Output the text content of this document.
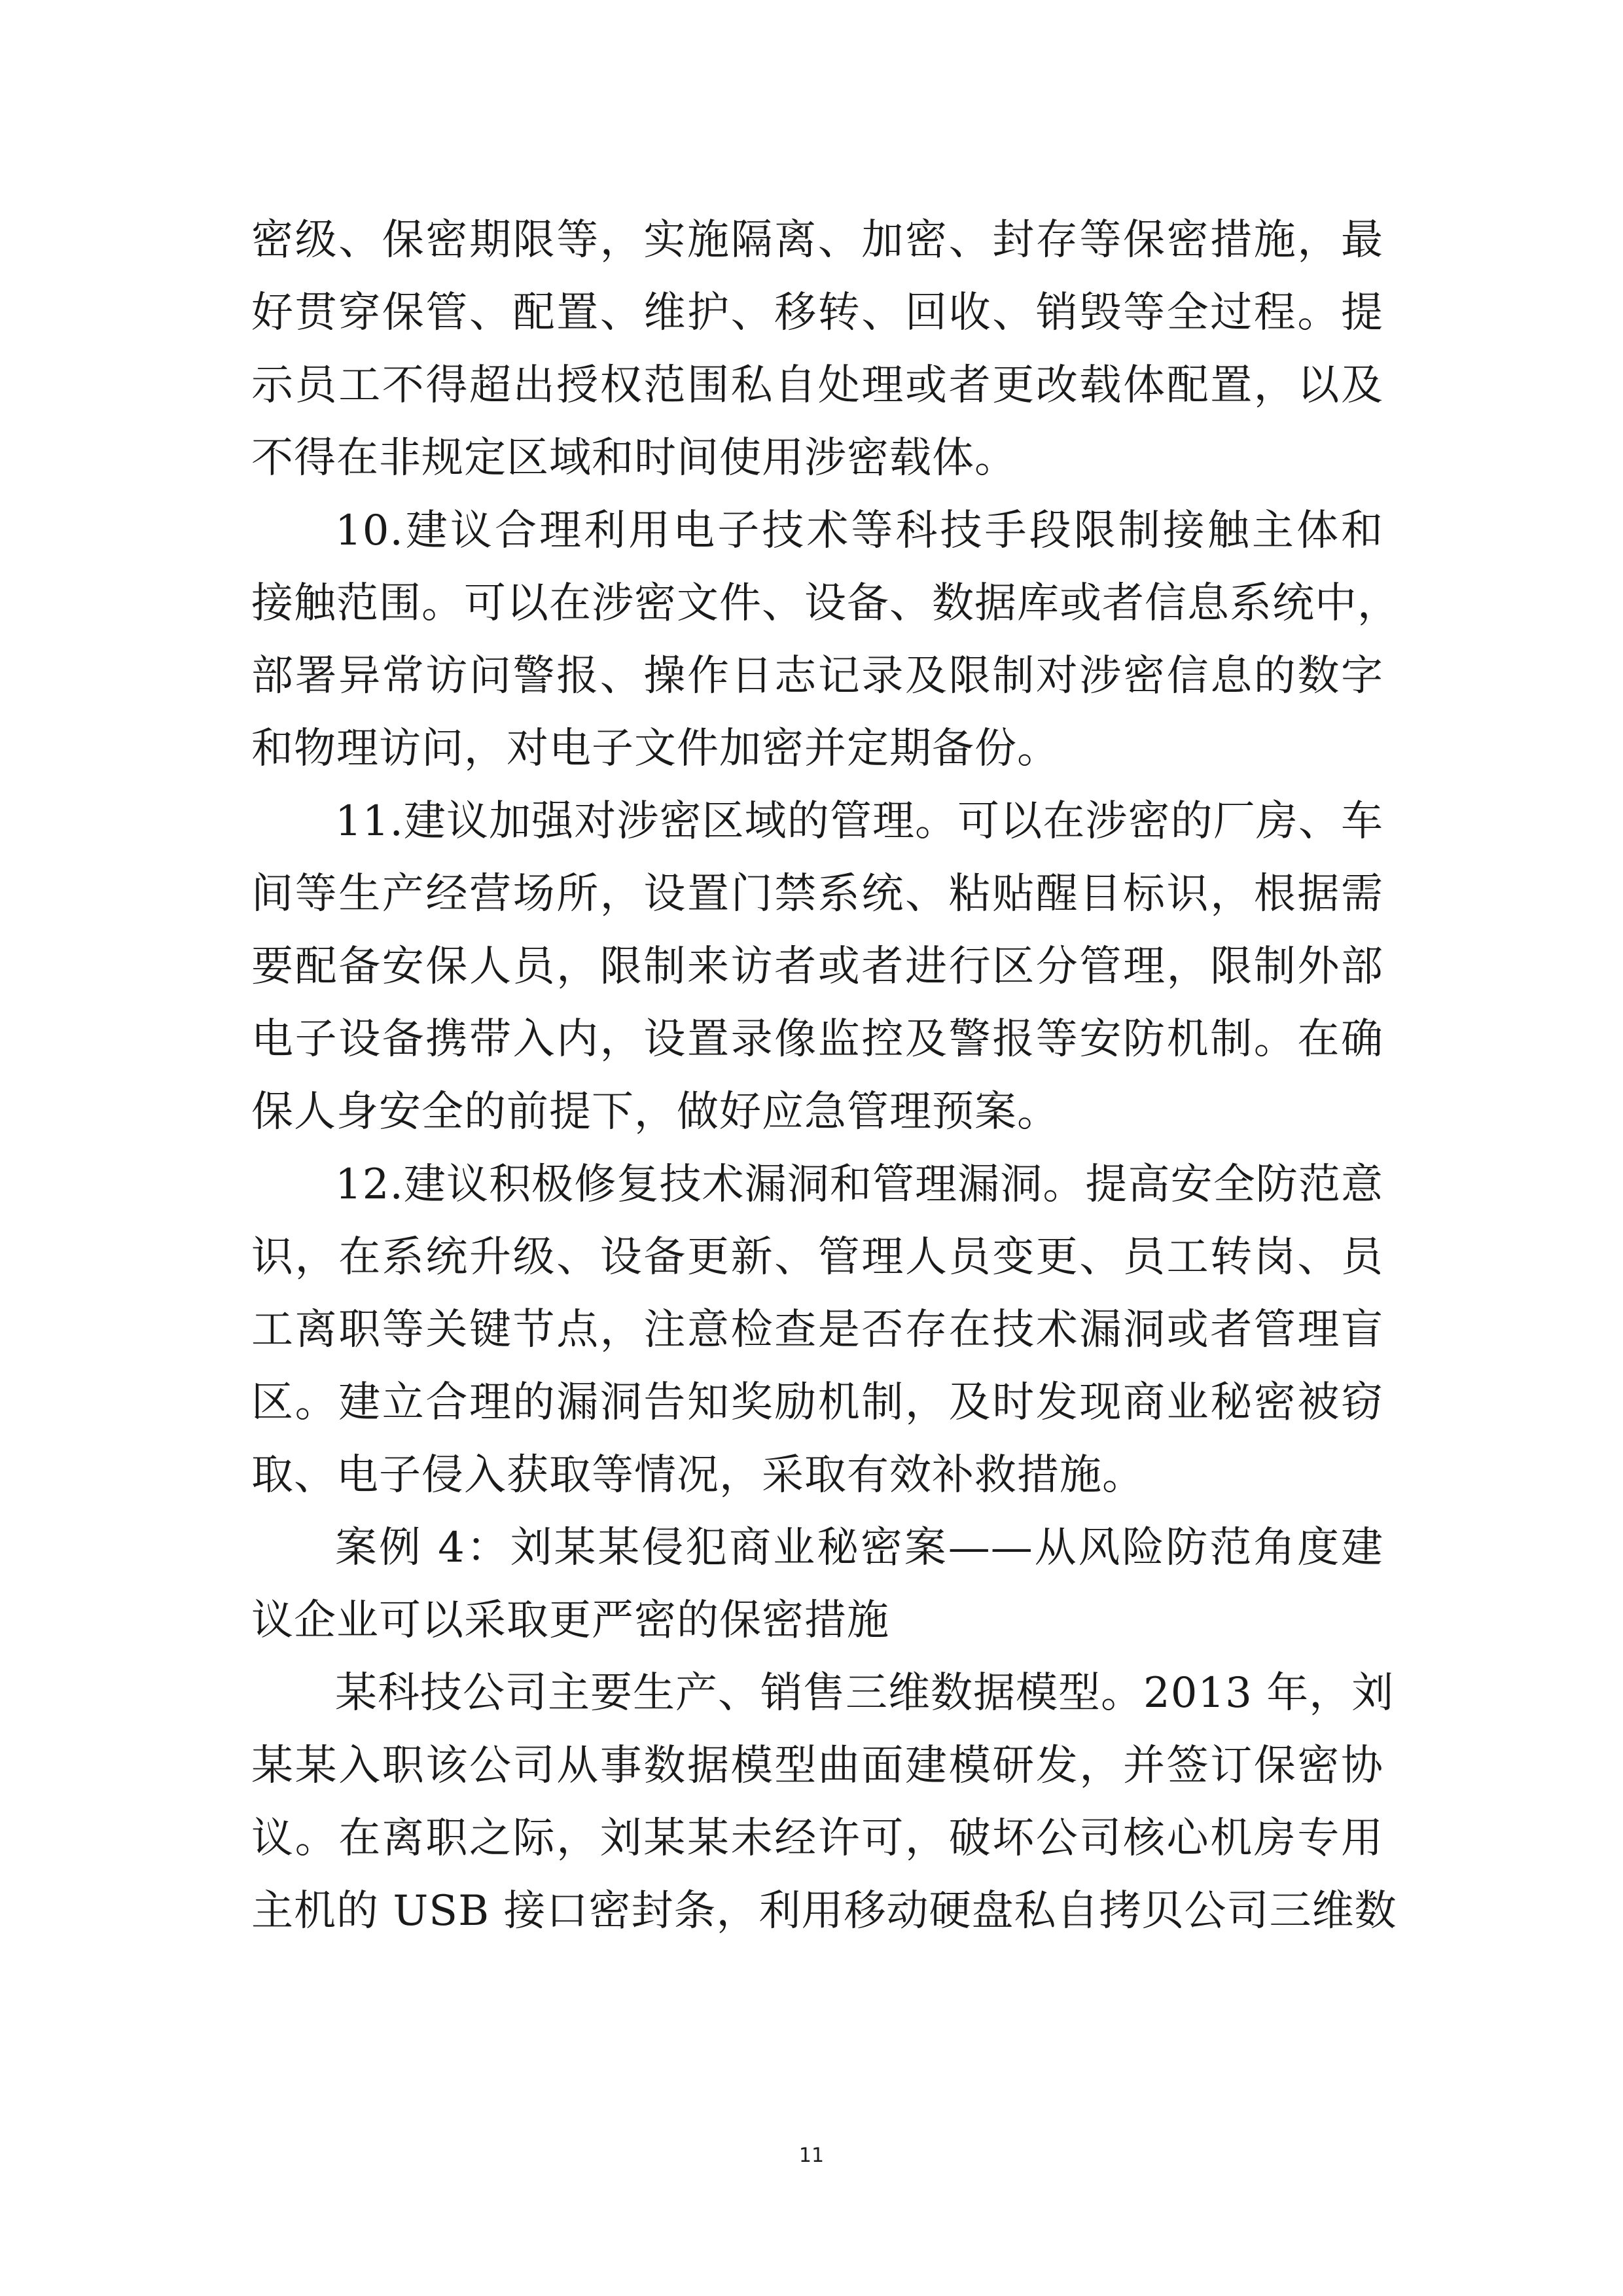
密级、保密期限等，实施隔离、加密、封存等保密措施，最
好贯穿保管、配置、维护、移转、回收、销毁等全过程。提
示员工不得超出授权范围私自处理或者更改载体配置，以及
不得在非规定区域和时间使用涉密载体。
10.建议合理利用电子技术等科技手段限制接触主体和
接触范围。可以在涉密文件、设备、数据库或者信息系统中，
部署异常访问警报、操作日志记录及限制对涉密信息的数字
和物理访问，对电子文件加密并定期备份。
11.建议加强对涉密区域的管理。可以在涉密的厂房、车
间等生产经营场所，设置门禁系统、粘贴醒目标识，根据需
要配备安保人员，限制来访者或者进行区分管理，限制外部
电子设备携带入内，设置录像监控及警报等安防机制。在确
保人身安全的前提下，做好应急管理预案。
12.建议积极修复技术漏洞和管理漏洞。提高安全防范意
识，在系统升级、设备更新、管理人员变更、员工转岗、员
工离职等关键节点，注意检查是否存在技术漏洞或者管理盲
区。建立合理的漏洞告知奖励机制，及时发现商业秘密被窃
取、电子侵入获取等情况，采取有效补救措施。
案例 4：刘某某侵犯商业秘密案——从风险防范角度建
议企业可以采取更严密的保密措施
某科技公司主要生产、销售三维数据模型。2013 年，刘
某某入职该公司从事数据模型曲面建模研发，并签订保密协
议。在离职之际，刘某某未经许可，破坏公司核心机房专用
主机的 USB 接口密封条，利用移动硬盘私自拷贝公司三维数
11
